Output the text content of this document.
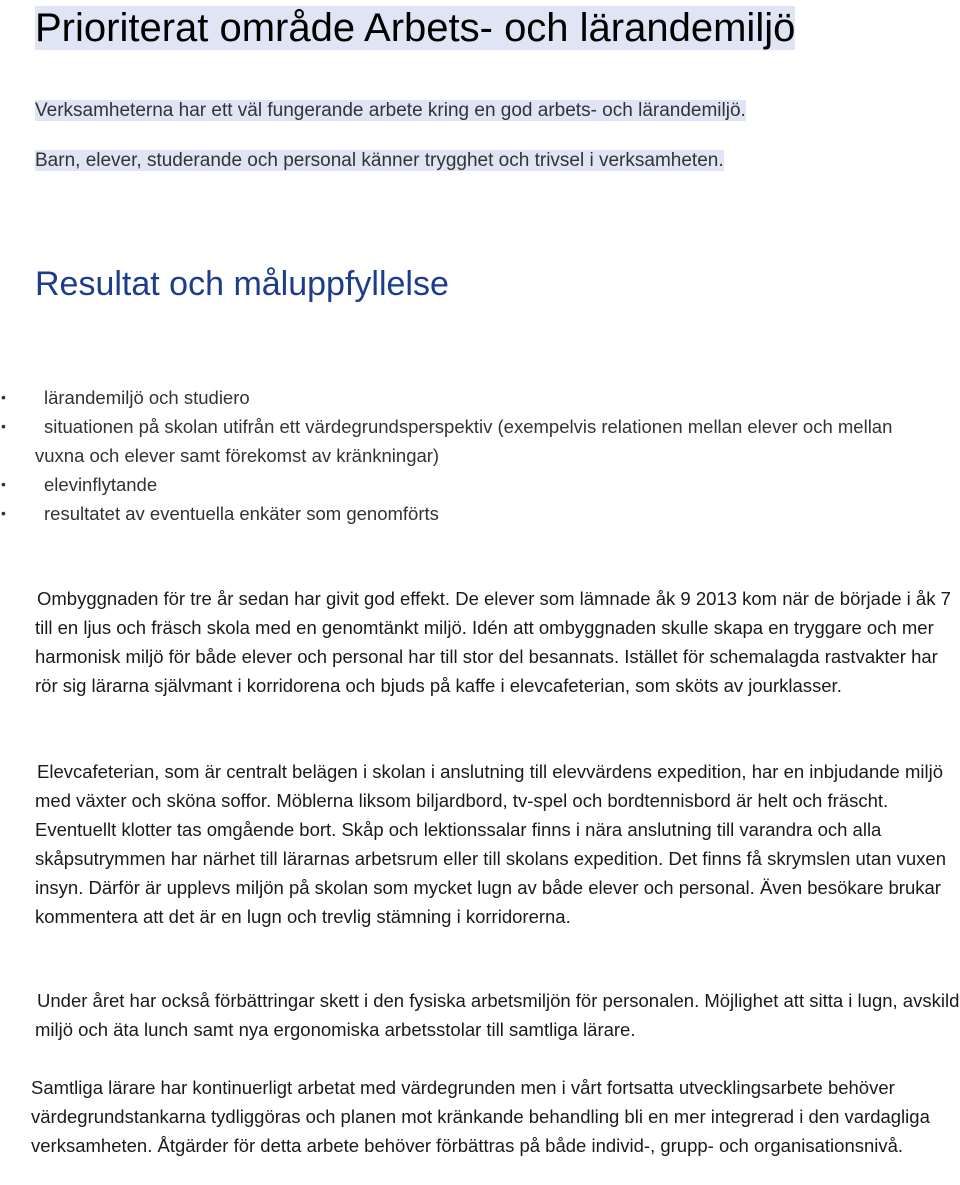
Prioriterat område Arbets- och lärandemiljö

Verksamheterna har ett väl fungerande arbete kring en god arbets- och lärandemiljö.

Barn, elever, studerande och personal känner trygghet och trivsel i verksamheten.

Resultat och måluppfyllelse
• lärandemiljö och studiero
• situationen på skolan utifrån ett värdegrundsperspektiv (exempelvis relationen mellan elever och mellan vuxna och elever samt förekomst av kränkningar)
• elevinflytande
• resultatet av eventuella enkäter som genomförts

Ombyggnaden för tre år sedan har givit god effekt. De elever som lämnade åk 9 2013 kom när de började i åk 7 till en ljus och fräsch skola med en genomtänkt miljö. Idén att ombyggnaden skulle skapa en tryggare och mer harmonisk miljö för både elever och personal har till stor del besannats. Istället för schemalagda rastvakter har rör sig lärarna självmant i korridorena och bjuds på kaffe i elevcafeterian, som sköts av jourklasser.

Elevcafeterian, som är centralt belägen i skolan i anslutning till elevvärdens expedition, har en inbjudande miljö med växter och sköna soffor. Möblerna liksom biljardbord, tv-spel och bordtennisbord är helt och fräscht. Eventuellt klotter tas omgående bort. Skåp och lektionssalar finns i nära anslutning till varandra och alla skåpsutrymmen har närhet till lärarnas arbetsrum eller till skolans expedition. Det finns få skrymslen utan vuxen insyn. Därför är upplevs miljön på skolan som mycket lugn av både elever och personal. Även besökare brukar kommentera att det är en lugn och trevlig stämning i korridorerna.

Under året har också förbättringar skett i den fysiska arbetsmiljön för personalen. Möjlighet att sitta i lugn, avskild miljö och äta lunch samt nya ergonomiska arbetsstolar till samtliga lärare.

Samtliga lärare har kontinuerligt arbetat med värdegrunden men i vårt fortsatta utvecklingsarbete behöver värdegrundstankarna tydliggöras och planen mot kränkande behandling bli en mer integrerad i den vardagliga verksamheten. Åtgärder för detta arbete behöver förbättras på både individ-, grupp- och organisationsnivå.
